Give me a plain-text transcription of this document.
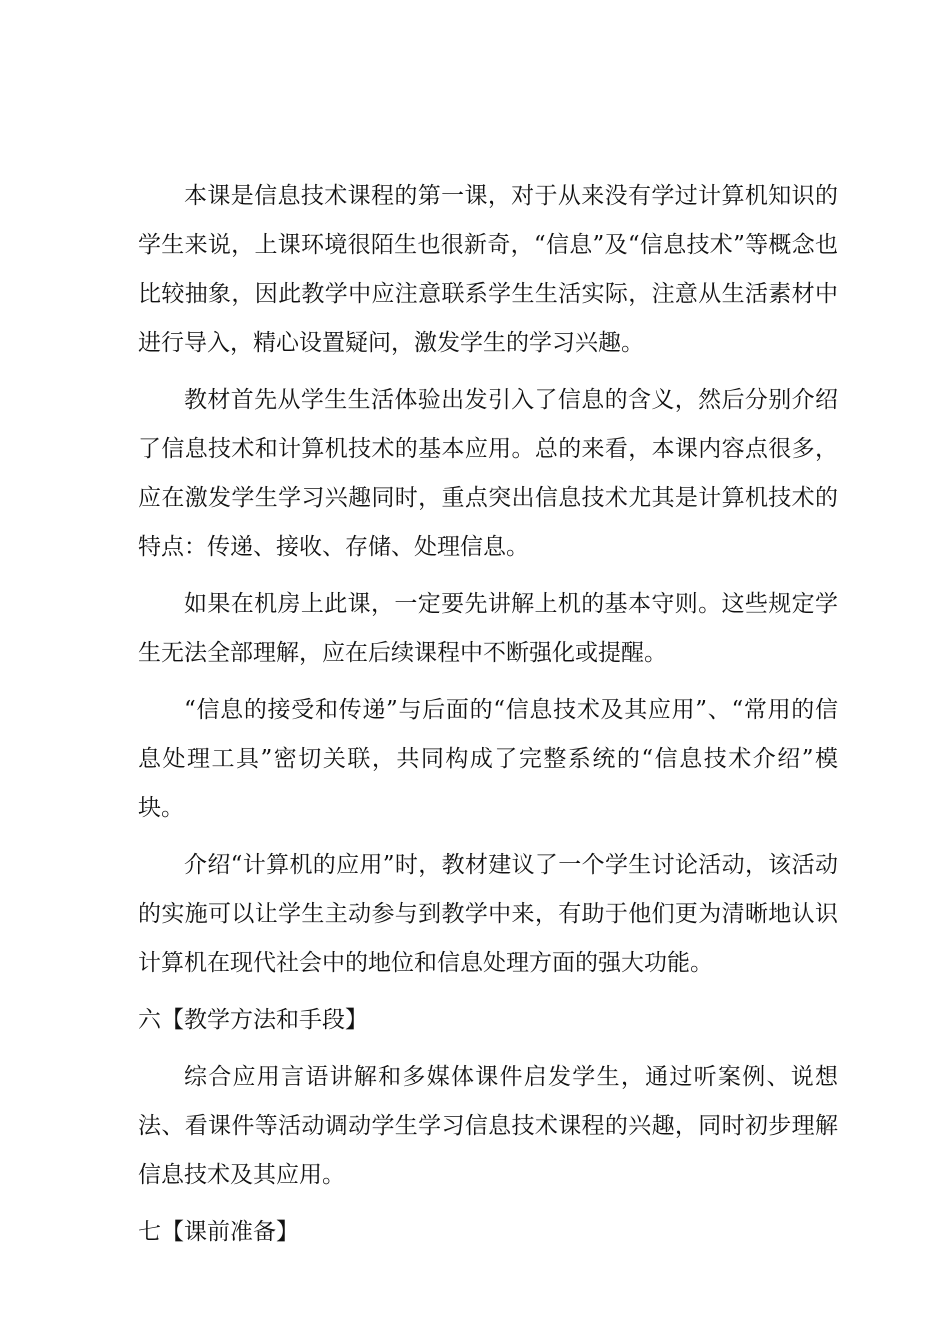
本课是信息技术课程的第一课，对于从来没有学过计算机知识的学生来说，上课环境很陌生也很新奇，“信息”及“信息技术”等概念也比较抽象，因此教学中应注意联系学生生活实际，注意从生活素材中进行导入，精心设置疑问，激发学生的学习兴趣。

教材首先从学生生活体验出发引入了信息的含义，然后分别介绍了信息技术和计算机技术的基本应用。总的来看，本课内容点很多，应在激发学生学习兴趣同时，重点突出信息技术尤其是计算机技术的特点：传递、接收、存储、处理信息。

如果在机房上此课，一定要先讲解上机的基本守则。这些规定学生无法全部理解，应在后续课程中不断强化或提醒。

“信息的接受和传递”与后面的“信息技术及其应用”、“常用的信息处理工具”密切关联，共同构成了完整系统的“信息技术介绍”模块。

介绍“计算机的应用”时，教材建议了一个学生讨论活动，该活动的实施可以让学生主动参与到教学中来，有助于他们更为清晰地认识计算机在现代社会中的地位和信息处理方面的强大功能。

六【教学方法和手段】

综合应用言语讲解和多媒体课件启发学生，通过听案例、说想法、看课件等活动调动学生学习信息技术课程的兴趣，同时初步理解信息技术及其应用。

七【课前准备】
